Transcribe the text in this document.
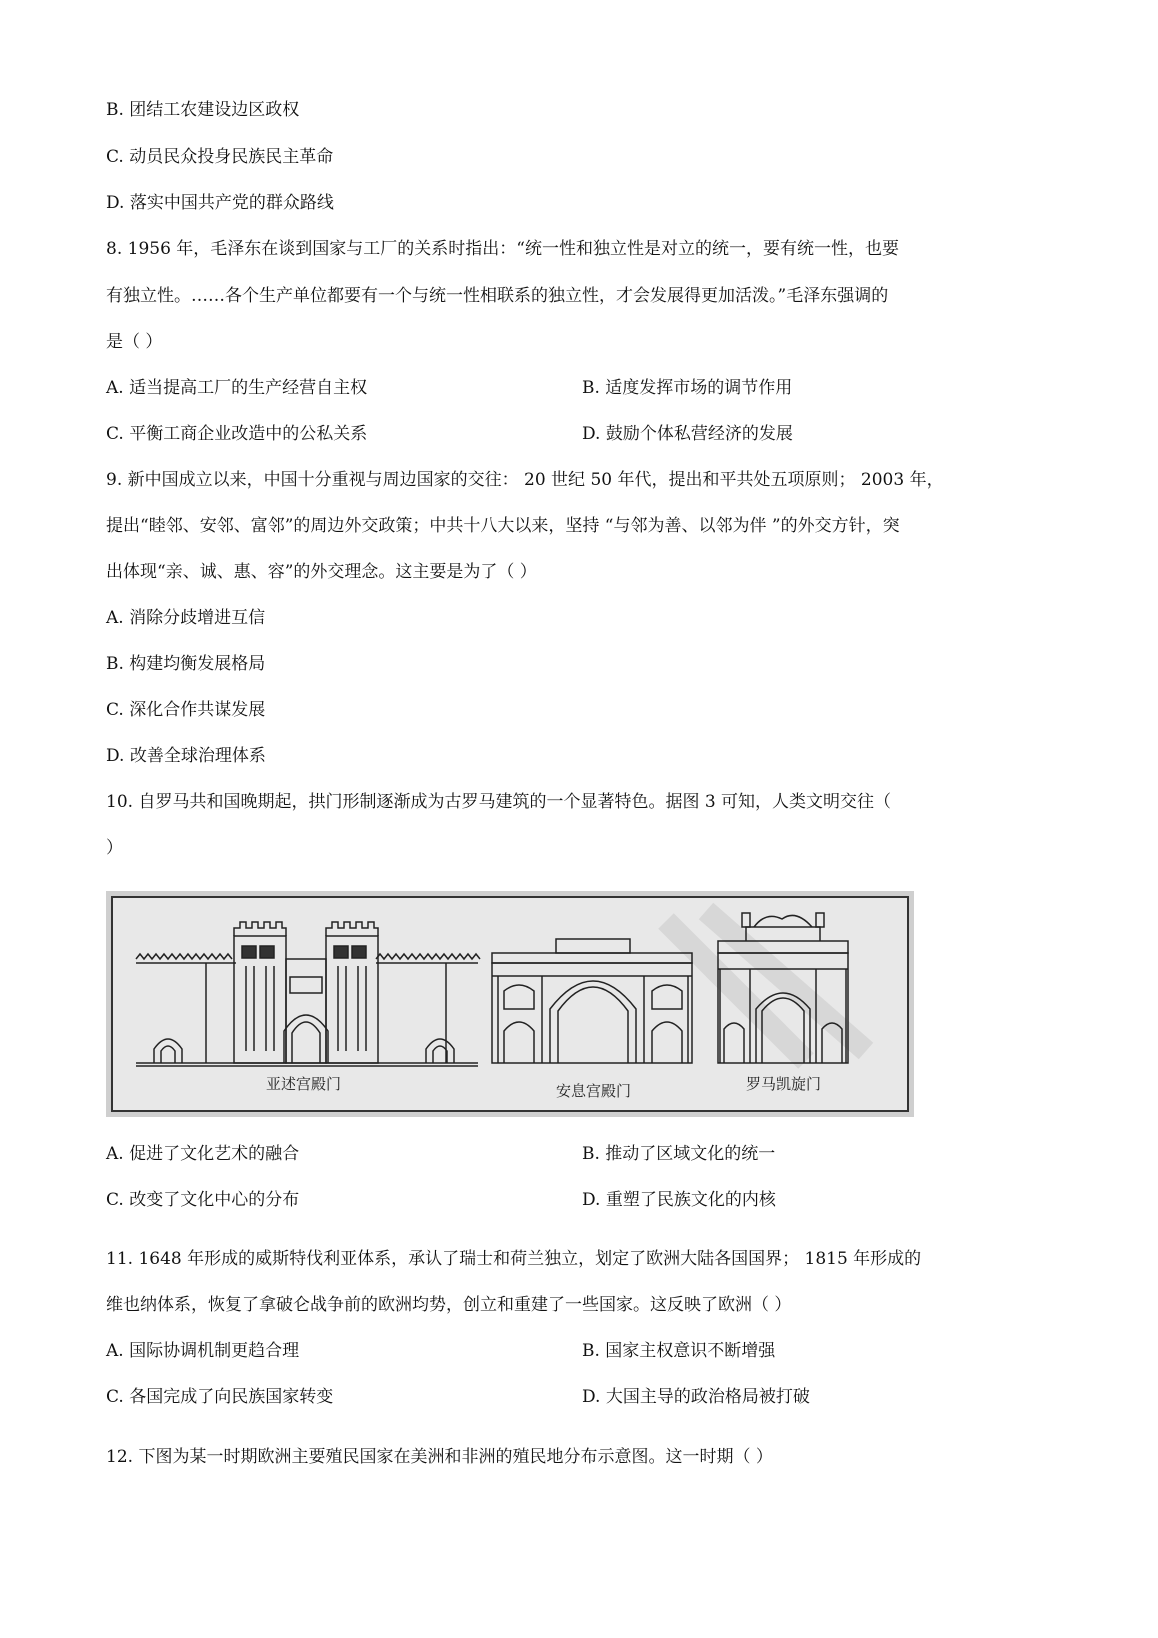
B. 团结工农建设边区政权
C. 动员民众投身民族民主革命
D. 落实中国共产党的群众路线
8. 1956 年，毛泽东在谈到国家与工厂的关系时指出：“统一性和独立性是对立的统一，要有统一性，也要
有独立性。……各个生产单位都要有一个与统一性相联系的独立性，才会发展得更加活泼。”毛泽东强调的
是（ ）
A. 适当提高工厂的生产经营自主权	B. 适度发挥市场的调节作用
C. 平衡工商企业改造中的公私关系	D. 鼓励个体私营经济的发展
9. 新中国成立以来，中国十分重视与周边国家的交往： 20 世纪 50 年代，提出和平共处五项原则； 2003 年，
提出“睦邻、安邻、富邻”的周边外交政策；中共十八大以来，坚持 “与邻为善、以邻为伴 ”的外交方针，突
出体现“亲、诚、惠、容”的外交理念。这主要是为了（ ）
A. 消除分歧增进互信
B. 构建均衡发展格局
C. 深化合作共谋发展
D. 改善全球治理体系
10. 自罗马共和国晚期起，拱门形制逐渐成为古罗马建筑的一个显著特色。据图 3 可知，人类文明交往（
）
亚述宫殿门	安息宫殿门	罗马凯旋门
A. 促进了文化艺术的融合	B. 推动了区域文化的统一
C. 改变了文化中心的分布	D. 重塑了民族文化的内核
11. 1648 年形成的威斯特伐利亚体系，承认了瑞士和荷兰独立，划定了欧洲大陆各国国界； 1815 年形成的
维也纳体系，恢复了拿破仑战争前的欧洲均势，创立和重建了一些国家。这反映了欧洲（ ）
A. 国际协调机制更趋合理	B. 国家主权意识不断增强
C. 各国完成了向民族国家转变	D. 大国主导的政治格局被打破
12. 下图为某一时期欧洲主要殖民国家在美洲和非洲的殖民地分布示意图。这一时期（ ）
